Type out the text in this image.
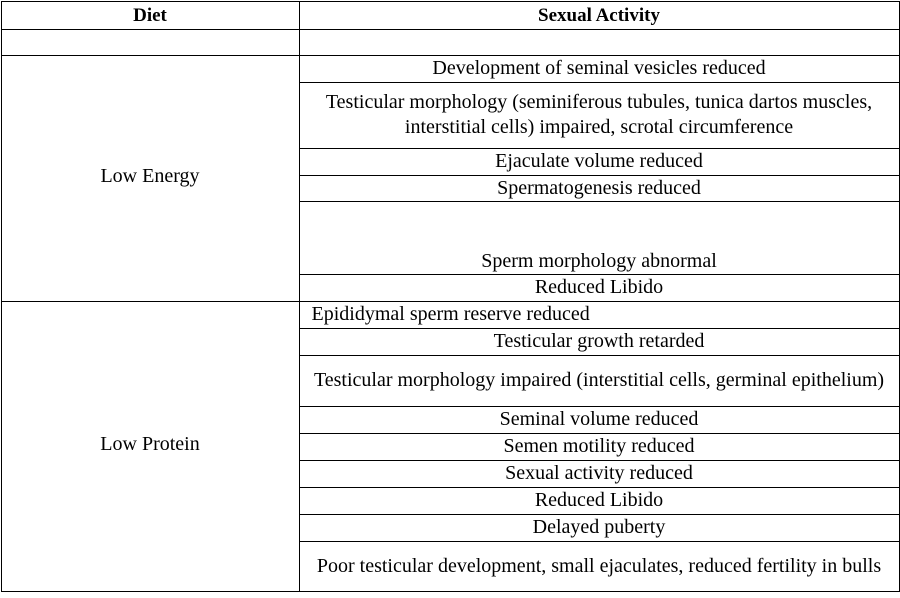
Diet	Sexual Activity
Low Energy
Development of seminal vesicles reduced
Testicular morphology (seminiferous tubules, tunica dartos muscles, interstitial cells) impaired, scrotal circumference
Ejaculate volume reduced
Spermatogenesis reduced
Sperm morphology abnormal
Reduced Libido
Low Protein
Epididymal sperm reserve reduced
Testicular growth retarded
Testicular morphology impaired (interstitial cells, germinal epithelium)
Seminal volume reduced
Semen motility reduced
Sexual activity reduced
Reduced Libido
Delayed puberty
Poor testicular development, small ejaculates, reduced fertility in bulls
